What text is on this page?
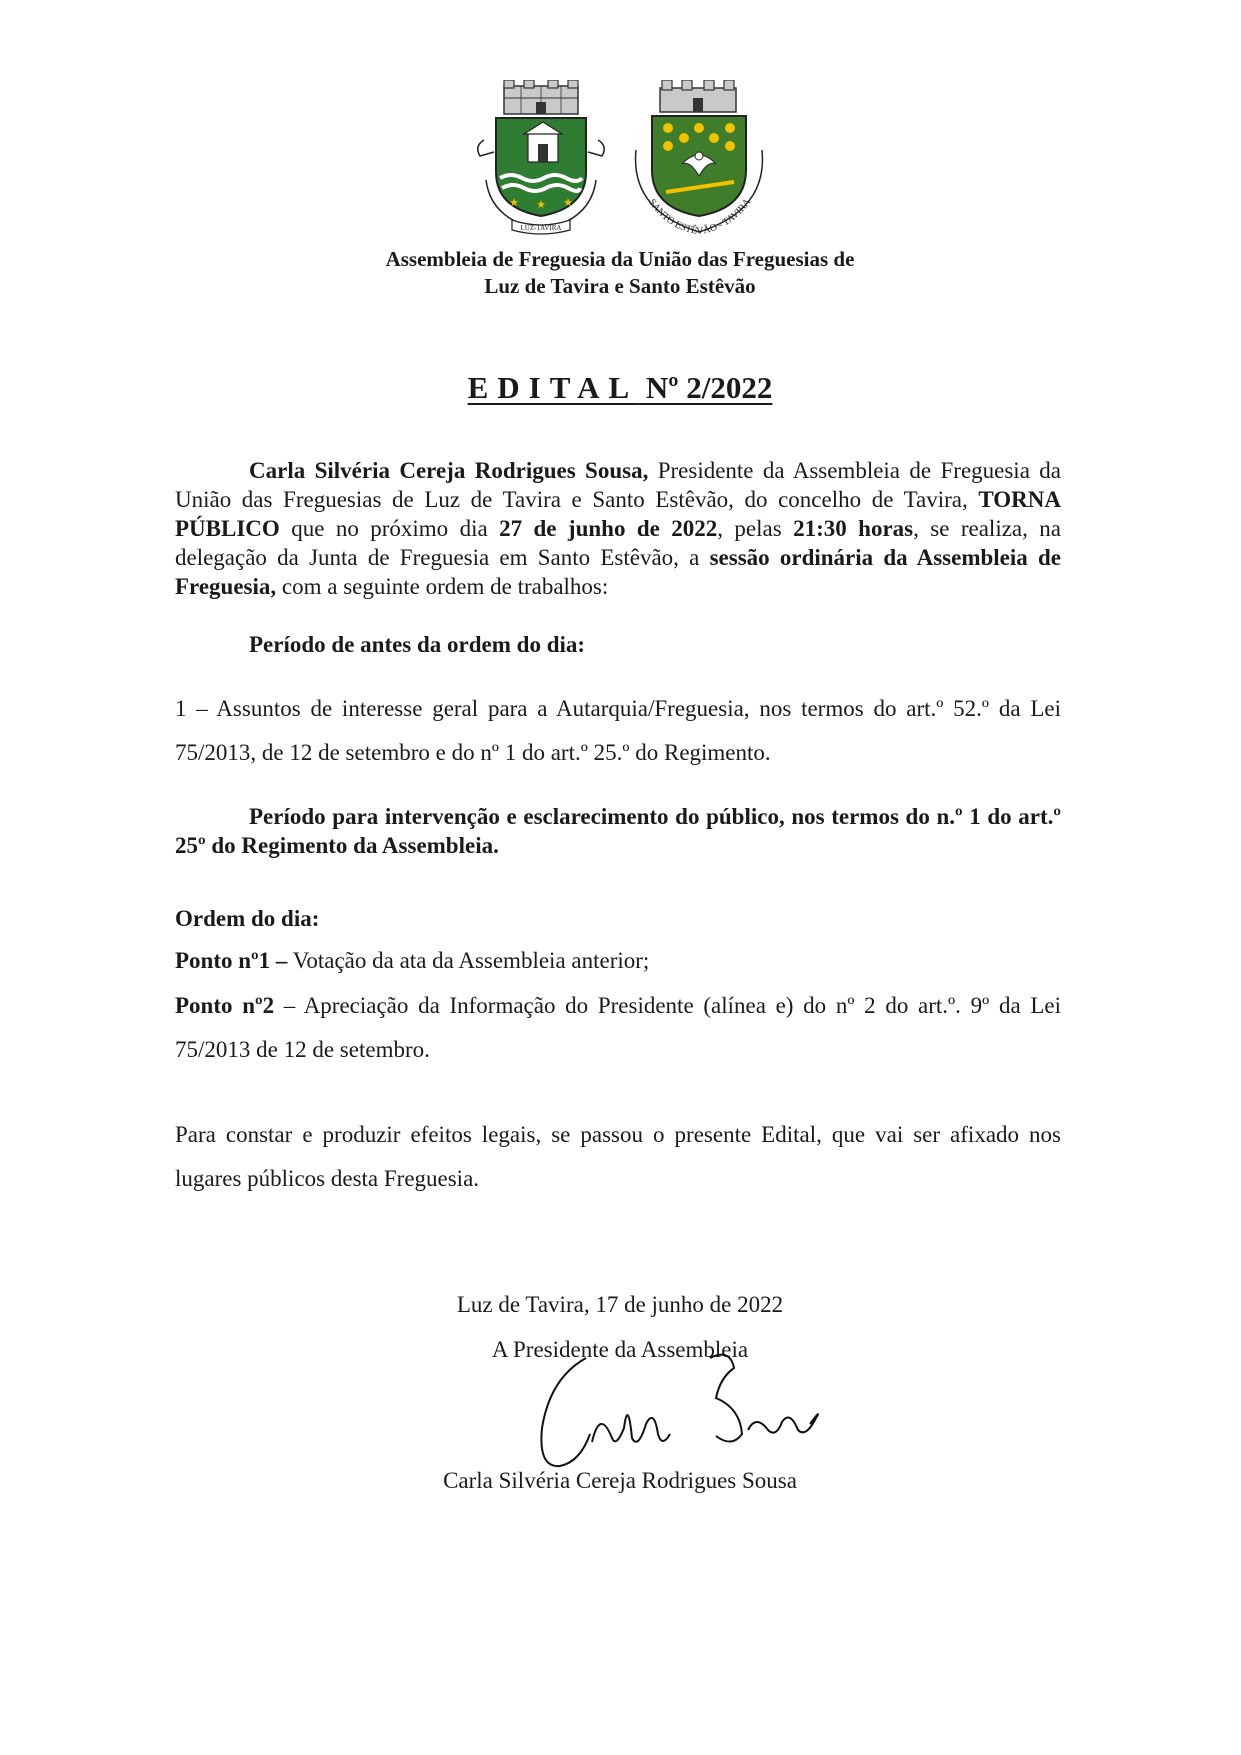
★ ★ ★
LUZ-TAVIRA
SANTO ESTÊVÃO - TAVIRA
Assembleia de Freguesia da União das Freguesias de
Luz de Tavira e Santo Estêvão
EDITAL Nº 2/2022
Carla Silvéria Cereja Rodrigues Sousa, Presidente da Assembleia de Freguesia da União das Freguesias de Luz de Tavira e Santo Estêvão, do concelho de Tavira, TORNA PÚBLICO que no próximo dia 27 de junho de 2022, pelas 21:30 horas, se realiza, na delegação da Junta de Freguesia em Santo Estêvão, a sessão ordinária da Assembleia de Freguesia, com a seguinte ordem de trabalhos:
Período de antes da ordem do dia:
1 – Assuntos de interesse geral para a Autarquia/Freguesia, nos termos do art.º 52.º da Lei 75/2013, de 12 de setembro e do nº 1 do art.º 25.º do Regimento.
Período para intervenção e esclarecimento do público, nos termos do n.º 1 do art.º 25º do Regimento da Assembleia.
Ordem do dia:
Ponto nº1 – Votação da ata da Assembleia anterior;
Ponto nº2 – Apreciação da Informação do Presidente (alínea e) do nº 2 do art.º. 9º da Lei 75/2013 de 12 de setembro.
Para constar e produzir efeitos legais, se passou o presente Edital, que vai ser afixado nos lugares públicos desta Freguesia.
Luz de Tavira, 17 de junho de 2022
A Presidente da Assembleia
Carla Silvéria Cereja Rodrigues Sousa
